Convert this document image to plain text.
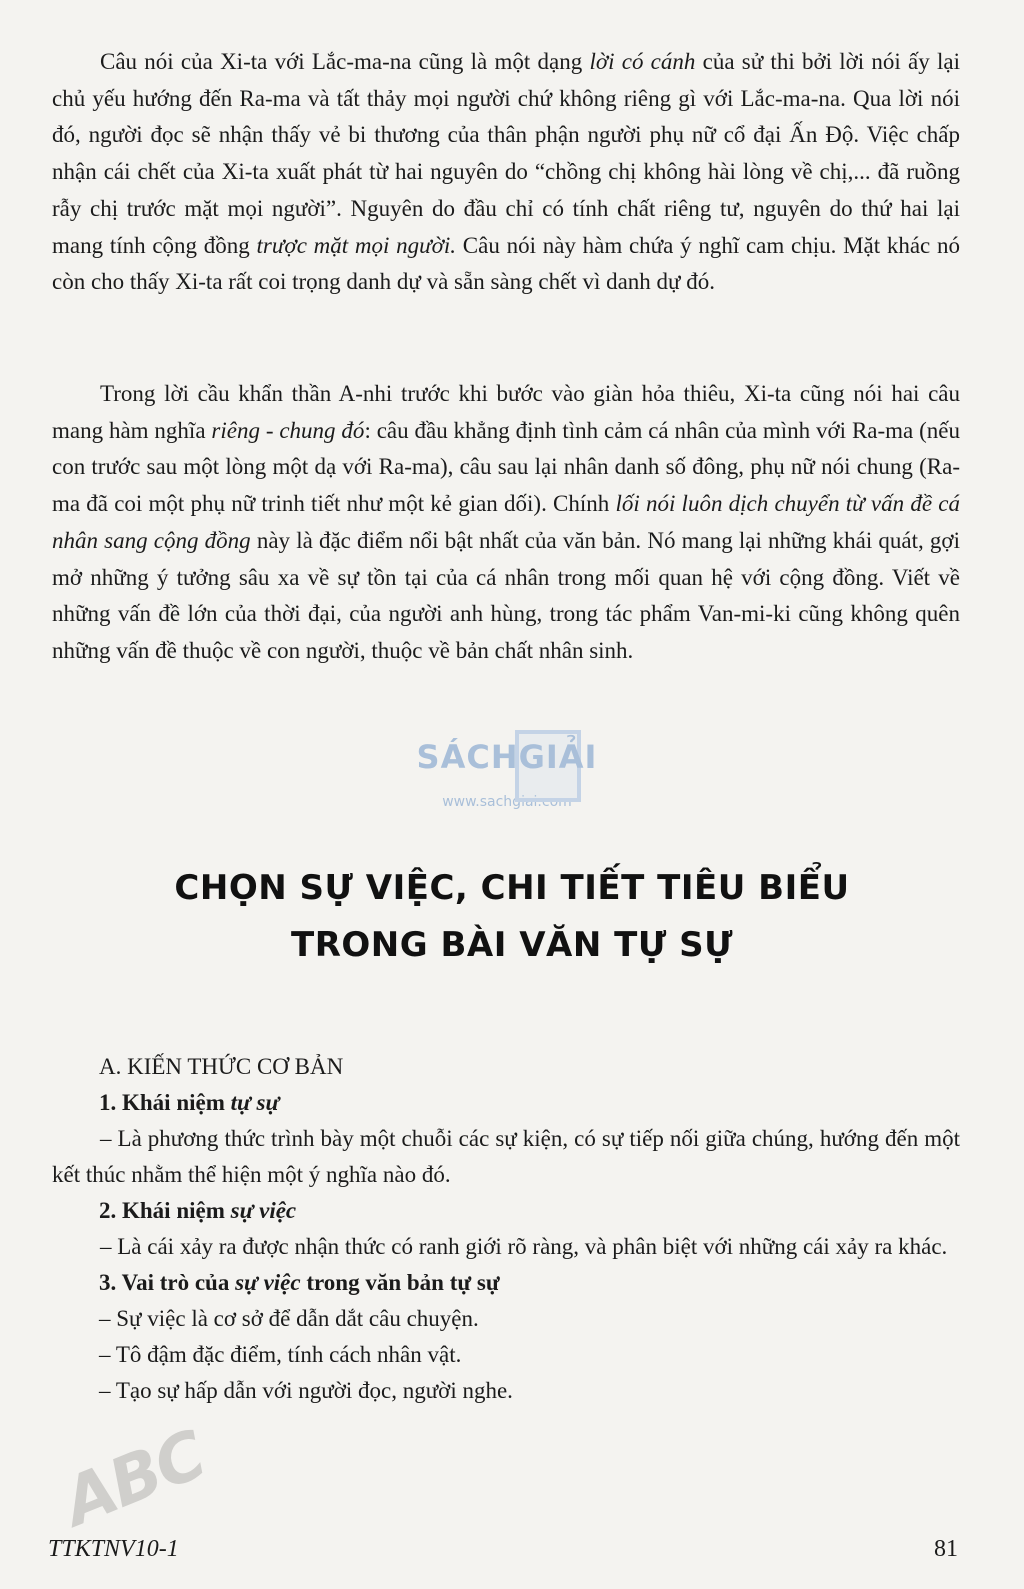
Câu nói của Xi-ta với Lắc-ma-na cũng là một dạng lời có cánh của sử thi bởi lời nói ấy lại chủ yếu hướng đến Ra-ma và tất thảy mọi người chứ không riêng gì với Lắc-ma-na. Qua lời nói đó, người đọc sẽ nhận thấy vẻ bi thương của thân phận người phụ nữ cổ đại Ấn Độ. Việc chấp nhận cái chết của Xi-ta xuất phát từ hai nguyên do “chồng chị không hài lòng về chị,... đã ruồng rẫy chị trước mặt mọi người”. Nguyên do đầu chỉ có tính chất riêng tư, nguyên do thứ hai lại mang tính cộng đồng trược mặt mọi người. Câu nói này hàm chứa ý nghĩ cam chịu. Mặt khác nó còn cho thấy Xi-ta rất coi trọng danh dự và sẵn sàng chết vì danh dự đó.

Trong lời cầu khẩn thần A-nhi trước khi bước vào giàn hỏa thiêu, Xi-ta cũng nói hai câu mang hàm nghĩa riêng - chung đó: câu đầu khẳng định tình cảm cá nhân của mình với Ra-ma (nếu con trước sau một lòng một dạ với Ra-ma), câu sau lại nhân danh số đông, phụ nữ nói chung (Ra-ma đã coi một phụ nữ trinh tiết như một kẻ gian dối). Chính lối nói luôn dịch chuyển từ vấn đề cá nhân sang cộng đồng này là đặc điểm nổi bật nhất của văn bản. Nó mang lại những khái quát, gợi mở những ý tưởng sâu xa về sự tồn tại của cá nhân trong mối quan hệ với cộng đồng. Viết về những vấn đề lớn của thời đại, của người anh hùng, trong tác phẩm Van-mi-ki cũng không quên những vấn đề thuộc về con người, thuộc về bản chất nhân sinh.

SÁCHGIẢI
www.sachgiai.com
CHỌN SỰ VIỆC, CHI TIẾT TIÊU BIỂU
TRONG BÀI VĂN TỰ SỰ

A. KIẾN THỨC CƠ BẢN

1. Khái niệm tự sự

– Là phương thức trình bày một chuỗi các sự kiện, có sự tiếp nối giữa chúng, hướng đến một kết thúc nhằm thể hiện một ý nghĩa nào đó.

2. Khái niệm sự việc

– Là cái xảy ra được nhận thức có ranh giới rõ ràng, và phân biệt với những cái xảy ra khác.

3. Vai trò của sự việc trong văn bản tự sự

– Sự việc là cơ sở để dẫn dắt câu chuyện.

– Tô đậm đặc điểm, tính cách nhân vật.

– Tạo sự hấp dẫn với người đọc, người nghe.

ABC
TTKTNV10-1	81
